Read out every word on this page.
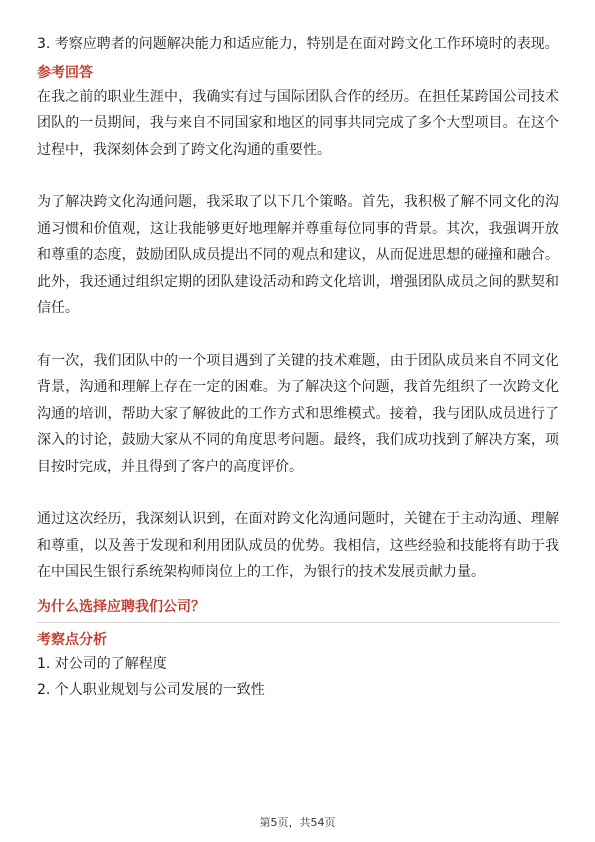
3. 考察应聘者的问题解决能力和适应能力，特别是在面对跨文化工作环境时的表现。

参考回答

在我之前的职业生涯中，我确实有过与国际团队合作的经历。在担任某跨国公司技术团队的一员期间，我与来自不同国家和地区的同事共同完成了多个大型项目。在这个过程中，我深刻体会到了跨文化沟通的重要性。

为了解决跨文化沟通问题，我采取了以下几个策略。首先，我积极了解不同文化的沟通习惯和价值观，这让我能够更好地理解并尊重每位同事的背景。其次，我强调开放和尊重的态度，鼓励团队成员提出不同的观点和建议，从而促进思想的碰撞和融合。此外，我还通过组织定期的团队建设活动和跨文化培训，增强团队成员之间的默契和信任。

有一次，我们团队中的一个项目遇到了关键的技术难题，由于团队成员来自不同文化背景，沟通和理解上存在一定的困难。为了解决这个问题，我首先组织了一次跨文化沟通的培训，帮助大家了解彼此的工作方式和思维模式。接着，我与团队成员进行了深入的讨论，鼓励大家从不同的角度思考问题。最终，我们成功找到了解决方案，项目按时完成，并且得到了客户的高度评价。

通过这次经历，我深刻认识到，在面对跨文化沟通问题时，关键在于主动沟通、理解和尊重，以及善于发现和利用团队成员的优势。我相信，这些经验和技能将有助于我在中国民生银行系统架构师岗位上的工作，为银行的技术发展贡献力量。

为什么选择应聘我们公司？

考察点分析

1. 对公司的了解程度

2. 个人职业规划与公司发展的一致性

第5页，共54页
